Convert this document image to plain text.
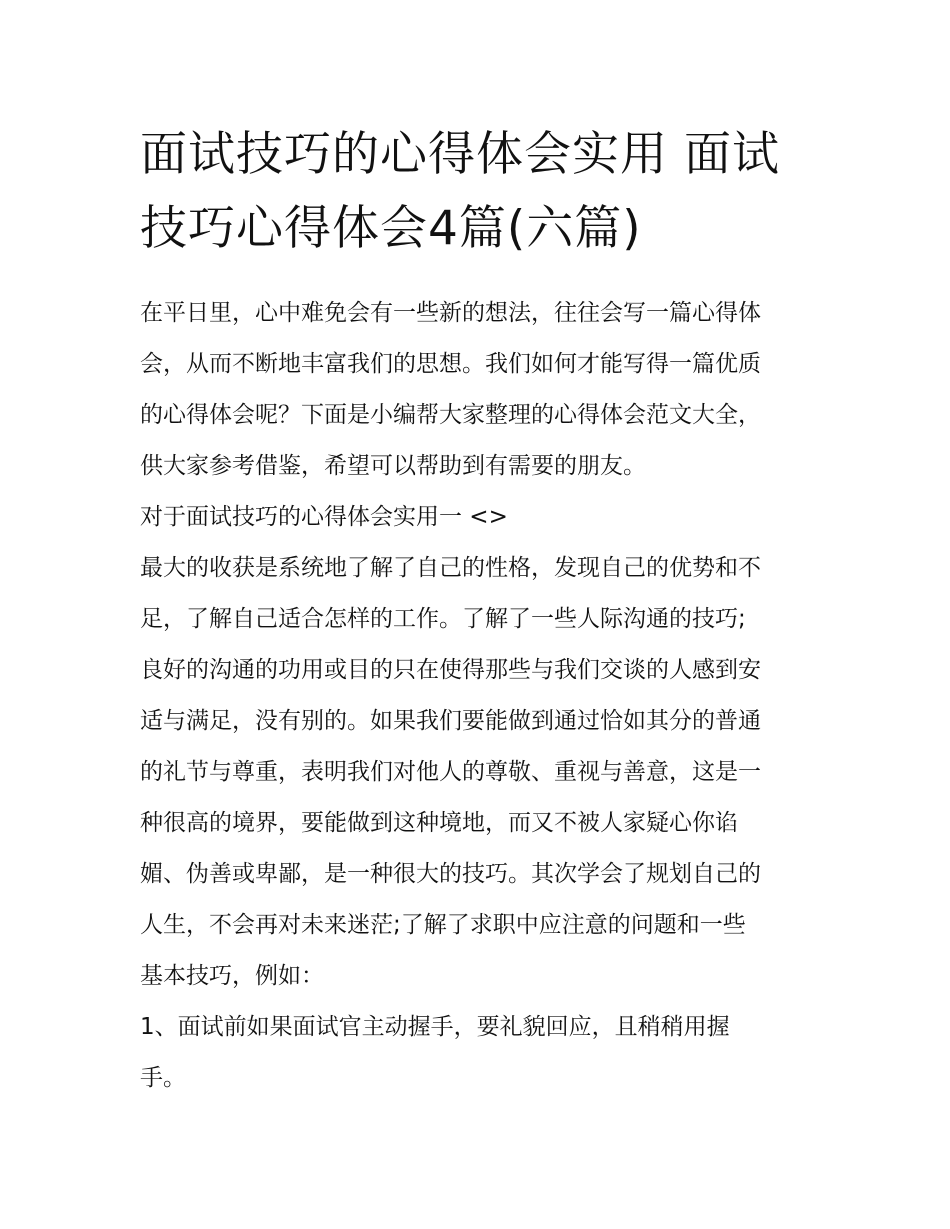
面试技巧的心得体会实用 面试
技巧心得体会4篇(六篇)

在平日里，心中难免会有一些新的想法，往往会写一篇心得体
会，从而不断地丰富我们的思想。我们如何才能写得一篇优质
的心得体会呢？下面是小编帮大家整理的心得体会范文大全，
供大家参考借鉴，希望可以帮助到有需要的朋友。

对于面试技巧的心得体会实用一 <>

最大的收获是系统地了解了自己的性格，发现自己的优势和不
足，了解自己适合怎样的工作。了解了一些人际沟通的技巧;
良好的沟通的功用或目的只在使得那些与我们交谈的人感到安
适与满足，没有别的。如果我们要能做到通过恰如其分的普通
的礼节与尊重，表明我们对他人的尊敬、重视与善意，这是一
种很高的境界，要能做到这种境地，而又不被人家疑心你谄
媚、伪善或卑鄙，是一种很大的技巧。其次学会了规划自己的
人生，不会再对未来迷茫;了解了求职中应注意的问题和一些
基本技巧，例如：

1、面试前如果面试官主动握手，要礼貌回应，且稍稍用握
手。
